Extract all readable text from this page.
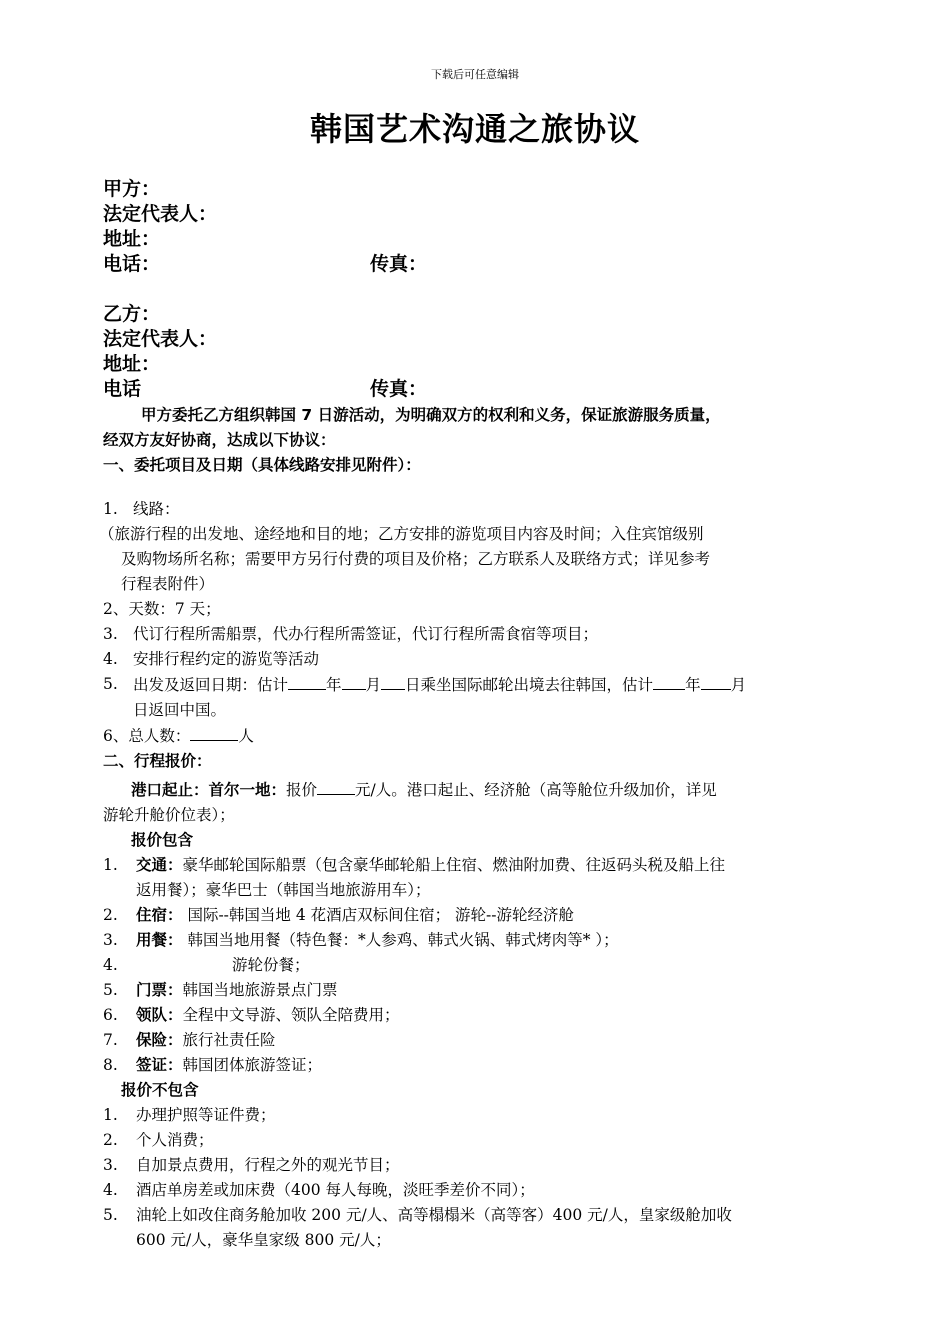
下载后可任意编辑
韩国艺术沟通之旅协议
甲方：
法定代表人：
地址：
电话：	传真：
乙方：
法定代表人：
地址：
电话	传真：
甲方委托乙方组织韩国 7 日游活动，为明确双方的权利和义务，保证旅游服务质量，
经双方友好协商，达成以下协议：
一、委托项目及日期（具体线路安排见附件）：
1. 线路：
（旅游行程的出发地、途经地和目的地；乙方安排的游览项目内容及时间；入住宾馆级别
及购物场所名称；需要甲方另行付费的项目及价格；乙方联系人及联络方式；详见参考
行程表附件）
2、天数：7 天；
3. 代订行程所需船票，代办行程所需签证，代订行程所需食宿等项目；
4. 安排行程约定的游览等活动
5. 出发及返回日期：估计 年 月 日乘坐国际邮轮出境去往韩国，估计 年 月
日返回中国。
6、总人数：	人
二、行程报价：
港口起止：首尔一地：报价 元/人。港口起止、经济舱（高等舱位升级加价，详见
游轮升舱价位表）；
报价包含
1.	交通：豪华邮轮国际船票（包含豪华邮轮船上住宿、燃油附加费、往返码头税及船上往
返用餐）；豪华巴士（韩国当地旅游用车）；
2.	住宿： 国际--韩国当地 4 花酒店双标间住宿； 游轮--游轮经济舱
3.	用餐： 韩国当地用餐（特色餐：*人参鸡、韩式火锅、韩式烤肉等* ）；
4.	游轮份餐；
5.	门票：韩国当地旅游景点门票
6.	领队：全程中文导游、领队全陪费用；
7.	保险：旅行社责任险
8.	签证：韩国团体旅游签证；
报价不包含
1.	办理护照等证件费；
2.	个人消费；
3.	自加景点费用，行程之外的观光节目；
4.	酒店单房差或加床费（400 每人每晚，淡旺季差价不同）；
5.	油轮上如改住商务舱加收 200 元/人、高等榻榻米（高等客）400 元/人，皇家级舱加收
600 元/人，豪华皇家级 800 元/人；
